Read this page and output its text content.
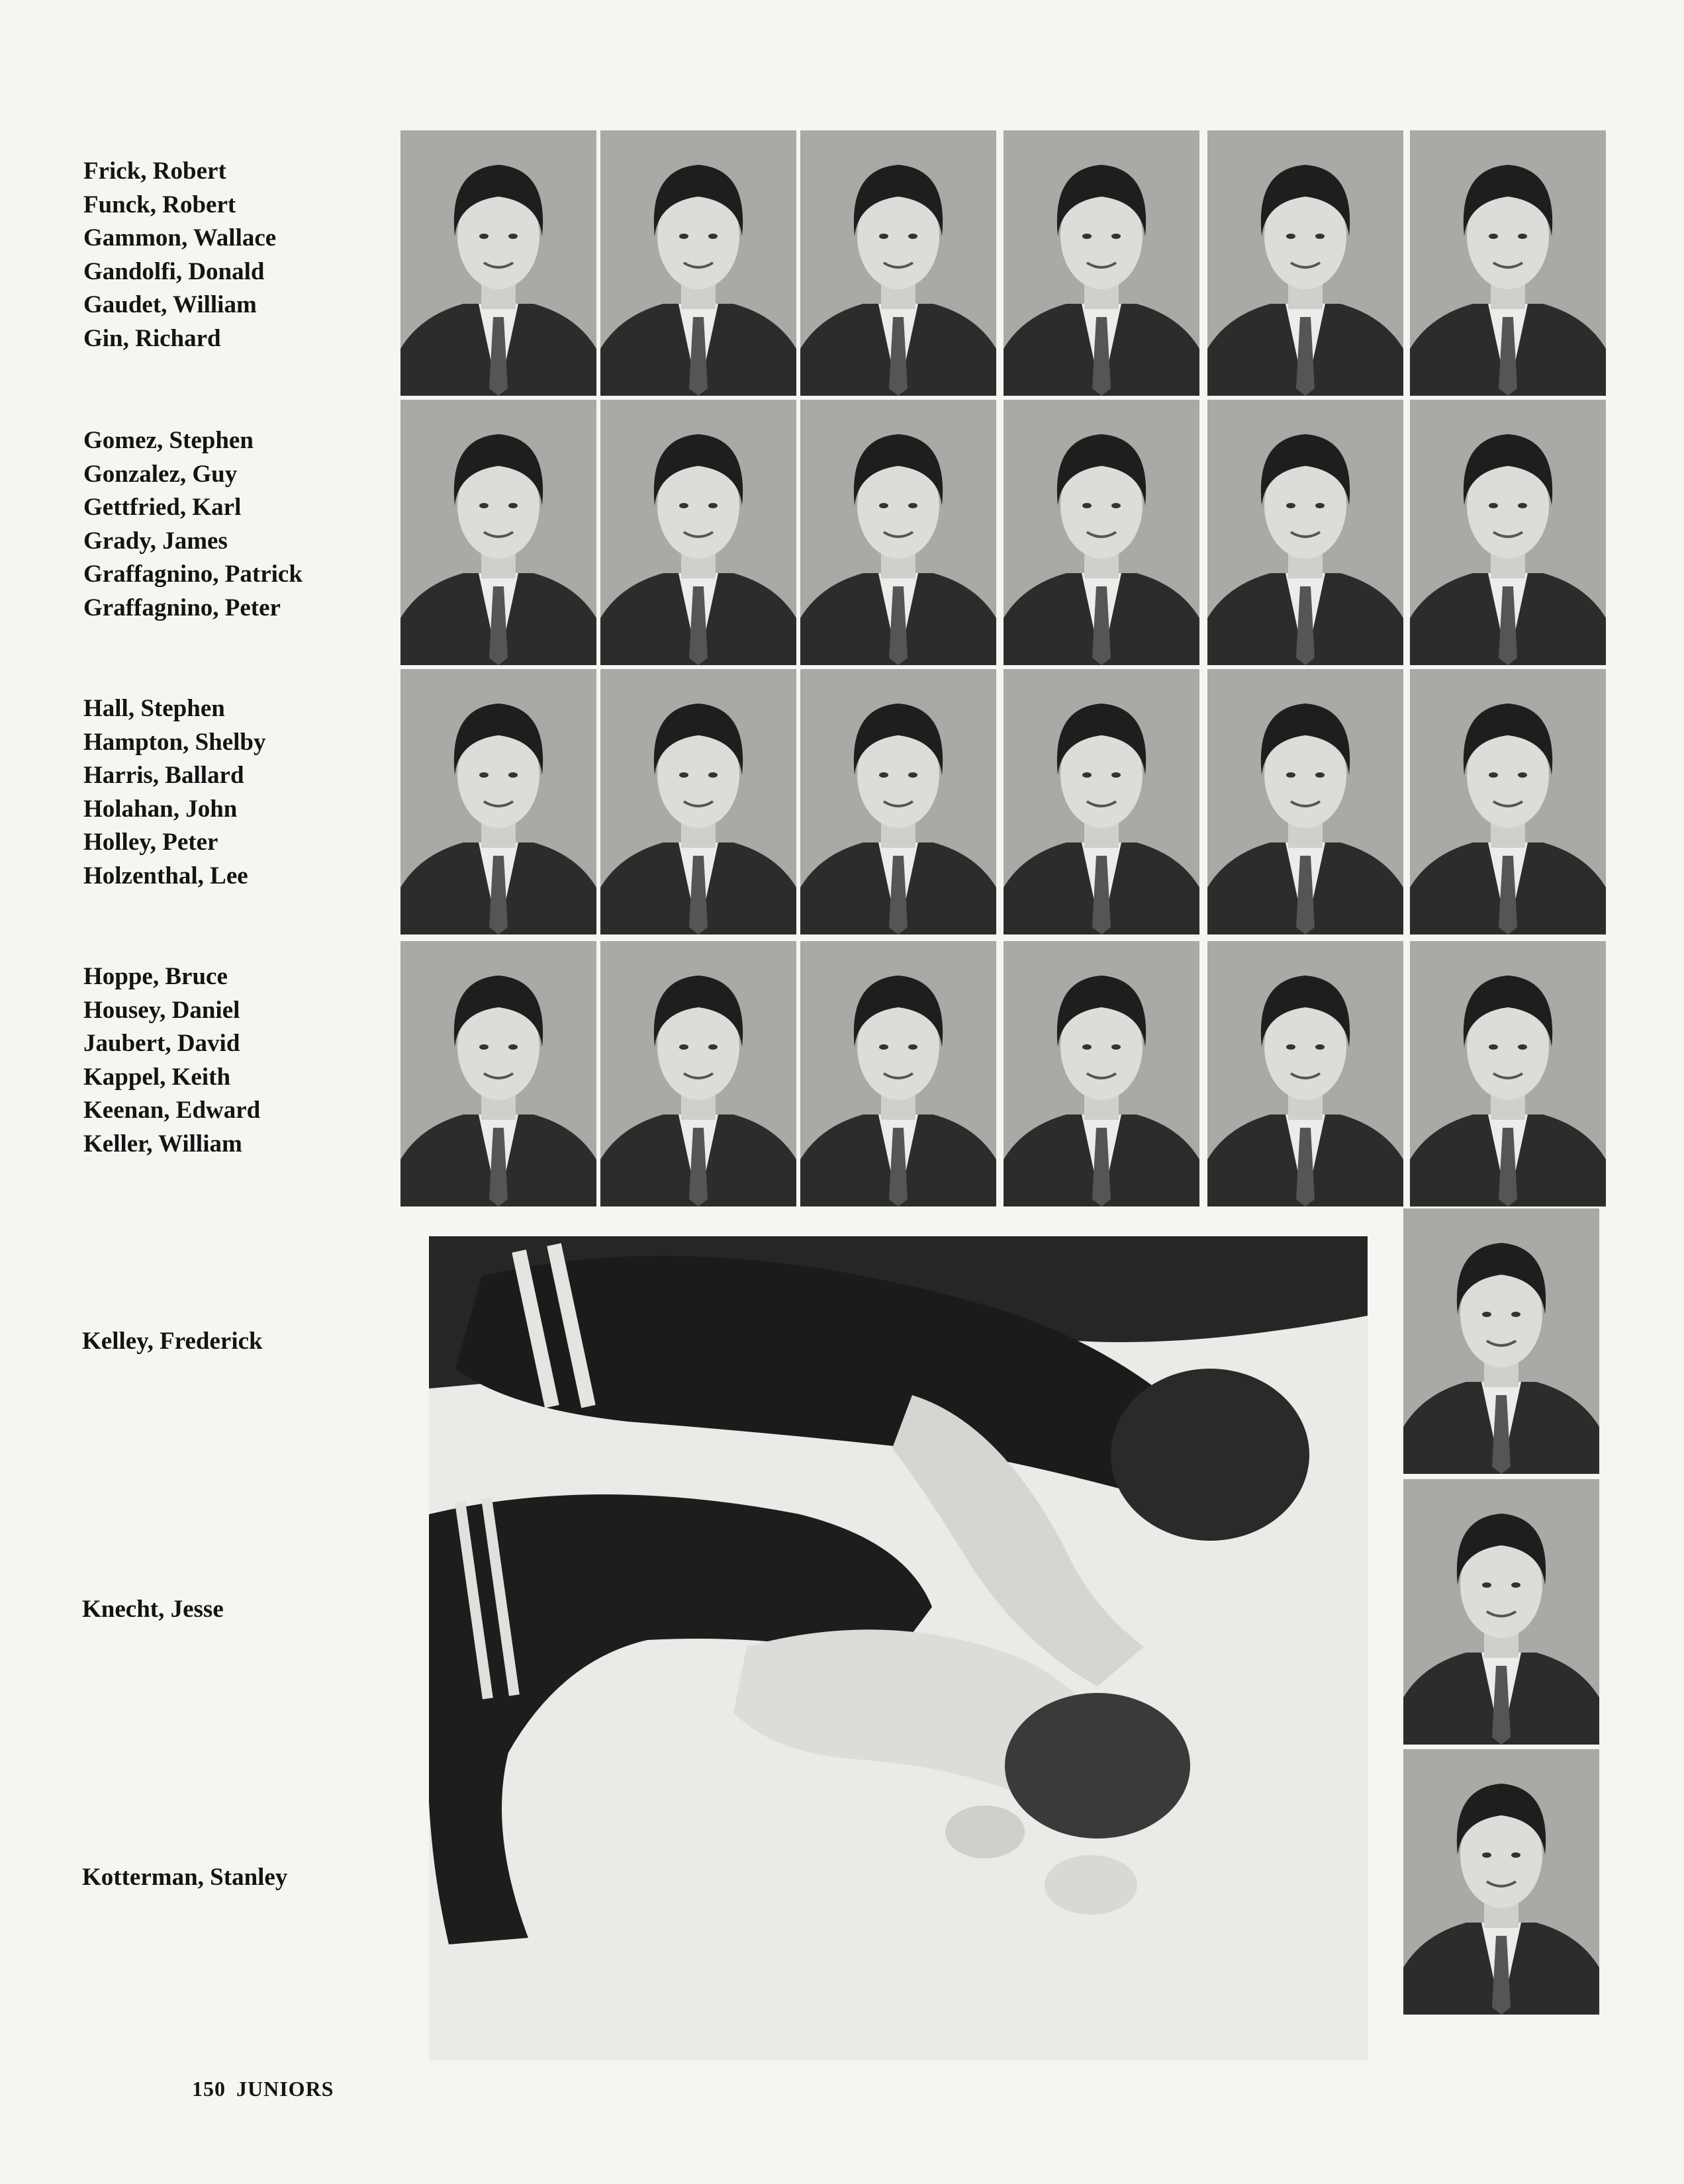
Frick, Robert
Funck, Robert
Gammon, Wallace
Gandolfi, Donald
Gaudet, William
Gin, Richard
Gomez, Stephen
Gonzalez, Guy
Gettfried, Karl
Grady, James
Graffagnino, Patrick
Graffagnino, Peter
Hall, Stephen
Hampton, Shelby
Harris, Ballard
Holahan, John
Holley, Peter
Holzenthal, Lee
Hoppe, Bruce
Housey, Daniel
Jaubert, David
Kappel, Keith
Keenan, Edward
Keller, William
Kelley, Frederick
Knecht, Jesse
Kotterman, Stanley
150 JUNIORS
